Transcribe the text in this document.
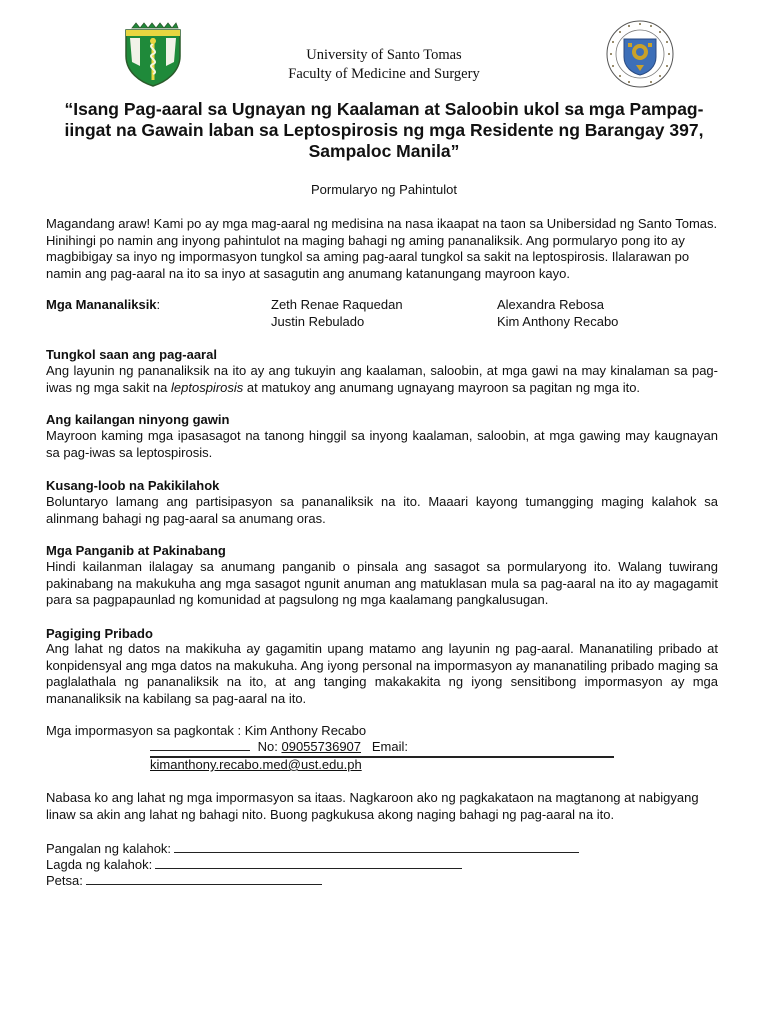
University of Santo Tomas
Faculty of Medicine and Surgery
“Isang Pag-aaral sa Ugnayan ng Kaalaman at Saloobin ukol sa mga Pampag-iingat na Gawain laban sa Leptospirosis ng mga Residente ng Barangay 397, Sampaloc Manila”
Pormularyo ng Pahintulot
Magandang araw! Kami po ay mga mag-aaral ng medisina na nasa ikaapat na taon sa Unibersidad ng Santo Tomas. Hinihingi po namin ang inyong pahintulot na maging bahagi ng aming pananaliksik. Ang pormularyo pong ito ay magbibigay sa inyo ng impormasyon tungkol sa aming pag-aaral tungkol sa sakit na leptospirosis. Ilalarawan po namin ang pag-aaral na ito sa inyo at sasagutin ang anumang katanungang mayroon kayo.
Mga Mananaliksik:	Zeth Renae Raquedan
Justin Rebulado
Alexandra Rebosa
Kim Anthony Recabo
Tungkol saan ang pag-aaral
Ang layunin ng pananaliksik na ito ay ang tukuyin ang kaalaman, saloobin, at mga gawi na may kinalaman sa pag-iwas ng mga sakit na leptospirosis at matukoy ang anumang ugnayang mayroon sa pagitan ng mga ito.
Ang kailangan ninyong gawin
Mayroon kaming mga ipasasagot na tanong hinggil sa inyong kaalaman, saloobin, at mga gawing may kaugnayan sa pag-iwas sa leptospirosis.
Kusang-loob na Pakikilahok
Boluntaryo lamang ang partisipasyon sa pananaliksik na ito. Maaari kayong tumangging maging kalahok sa alinmang bahagi ng pag-aaral sa anumang oras.
Mga Panganib at Pakinabang
Hindi kailanman ilalagay sa anumang panganib o pinsala ang sasagot sa pormularyong ito. Walang tuwirang pakinabang na makukuha ang mga sasagot ngunit anuman ang matuklasan mula sa pag-aaral na ito ay magagamit para sa pagpapaunlad ng komunidad at pagsulong ng mga kaalamang pangkalusugan.
Pagiging Pribado
Ang lahat ng datos na makikuha ay gagamitin upang matamo ang layunin ng pag-aaral. Mananatiling pribado at konpidensyal ang mga datos na makukuha. Ang iyong personal na impormasyon ay mananatiling pribado maging sa paglalathala ng pananaliksik na ito, at ang tanging makakakita ng iyong sensitibong impormasyon ay mga mananaliksik na kabilang sa pag-aaral na ito.
Mga impormasyon sa pagkontak : Kim Anthony Recabo
No: 09055736907 Email: kimanthony.recabo.med@ust.edu.ph
Nabasa ko ang lahat ng mga impormasyon sa itaas. Nagkaroon ako ng pagkakataon na magtanong at nabigyang linaw sa akin ang lahat ng bahagi nito. Buong pagkukusa akong naging bahagi ng pag-aaral na ito.
Pangalan ng kalahok:
Lagda ng kalahok:
Petsa:
